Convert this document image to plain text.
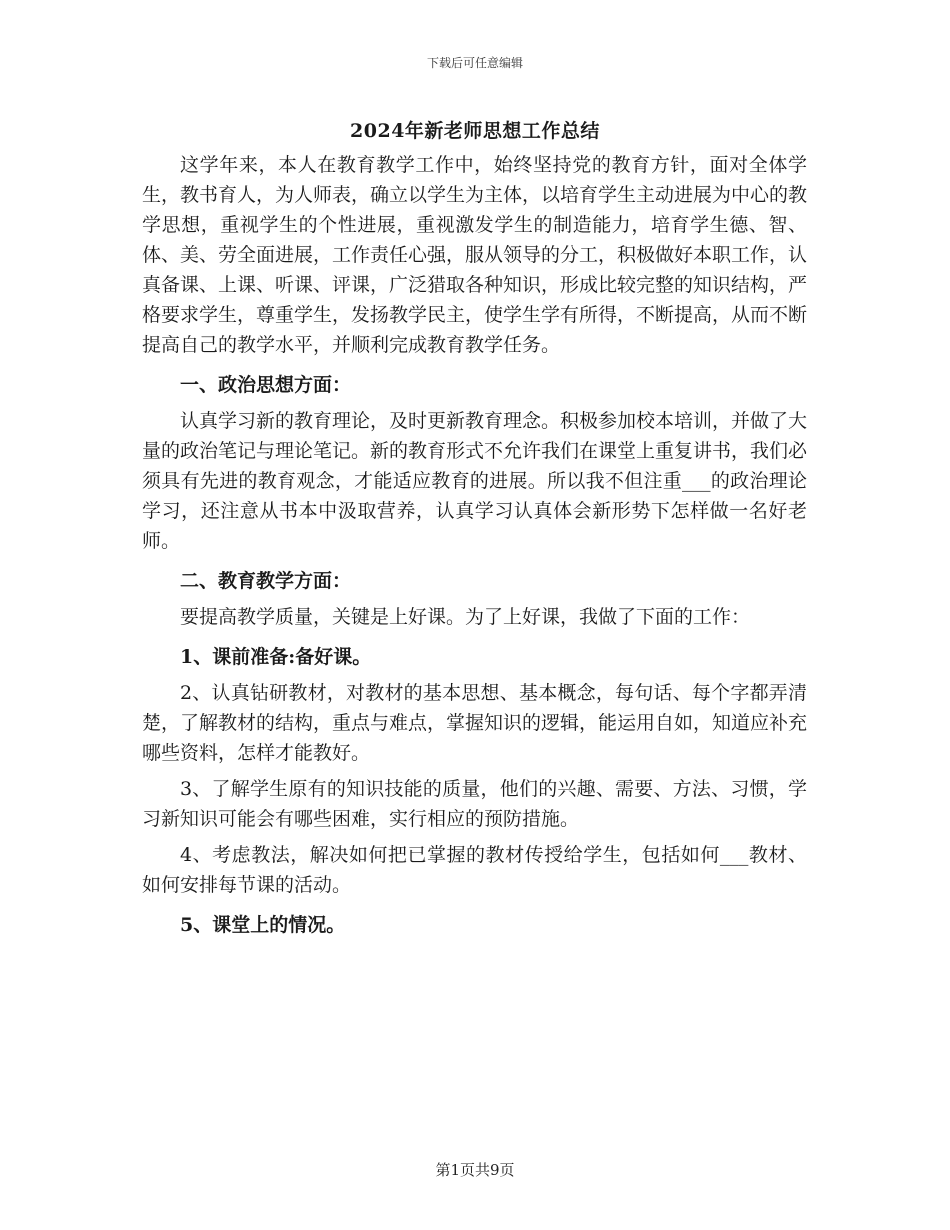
下载后可任意编辑
2024年新老师思想工作总结

这学年来，本人在教育教学工作中，始终坚持党的教育方针，面对全体学生，教书育人，为人师表，确立以学生为主体，以培育学生主动进展为中心的教学思想，重视学生的个性进展，重视激发学生的制造能力，培育学生德、智、体、美、劳全面进展，工作责任心强，服从领导的分工，积极做好本职工作，认真备课、上课、听课、评课，广泛猎取各种知识，形成比较完整的知识结构，严格要求学生，尊重学生，发扬教学民主，使学生学有所得，不断提高，从而不断提高自己的教学水平，并顺利完成教育教学任务。

一、政治思想方面：

认真学习新的教育理论，及时更新教育理念。积极参加校本培训，并做了大量的政治笔记与理论笔记。新的教育形式不允许我们在课堂上重复讲书，我们必须具有先进的教育观念，才能适应教育的进展。所以我不但注重___的政治理论学习，还注意从书本中汲取营养，认真学习认真体会新形势下怎样做一名好老师。

二、教育教学方面：

要提高教学质量，关键是上好课。为了上好课，我做了下面的工作：

1、课前准备:备好课。

2、认真钻研教材，对教材的基本思想、基本概念，每句话、每个字都弄清楚，了解教材的结构，重点与难点，掌握知识的逻辑，能运用自如，知道应补充哪些资料，怎样才能教好。

3、了解学生原有的知识技能的质量，他们的兴趣、需要、方法、习惯，学习新知识可能会有哪些困难，实行相应的预防措施。

4、考虑教法，解决如何把已掌握的教材传授给学生，包括如何___教材、如何安排每节课的活动。

5、课堂上的情况。

第1页共9页
